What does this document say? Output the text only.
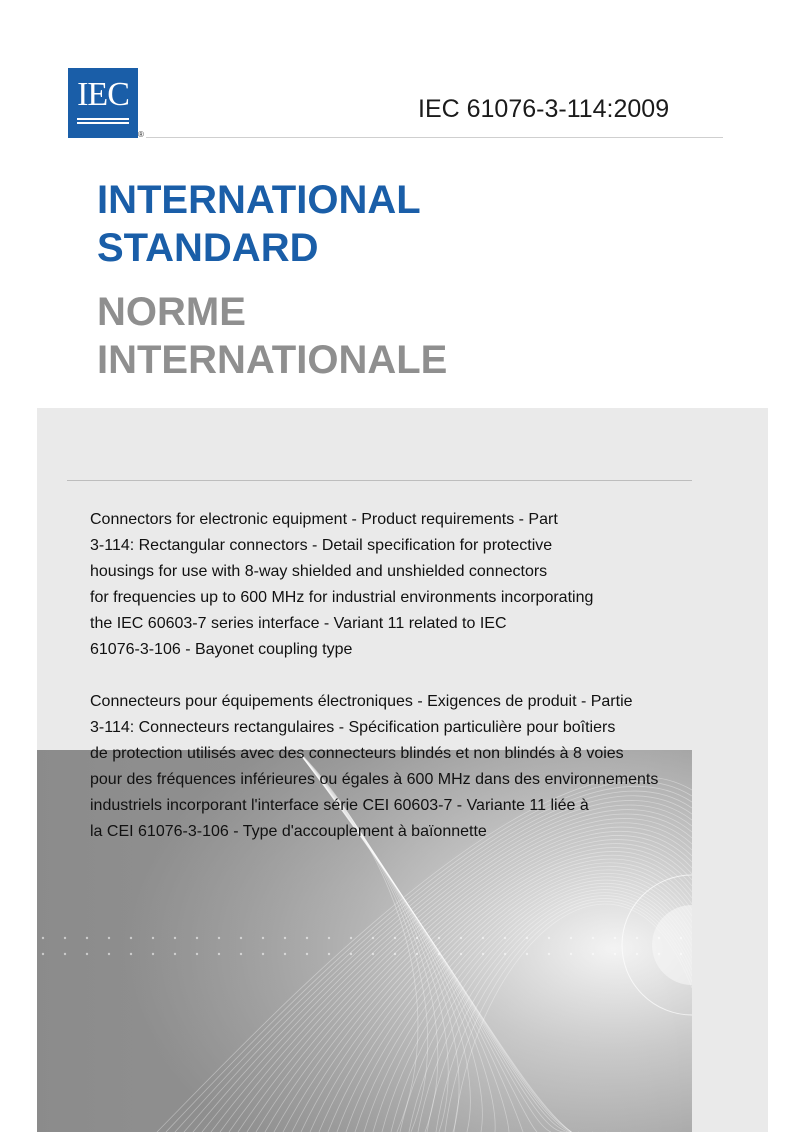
IEC
®
IEC 61076-3-114:2009
INTERNATIONAL
STANDARD
NORME
INTERNATIONALE
Connectors for electronic equipment - Product requirements - Part
3-114: Rectangular connectors - Detail specification for protective
housings for use with 8-way shielded and unshielded connectors
for frequencies up to 600 MHz for industrial environments incorporating
the IEC 60603-7 series interface - Variant 11 related to IEC
61076-3-106 - Bayonet coupling type
Connecteurs pour équipements électroniques - Exigences de produit - Partie
3-114: Connecteurs rectangulaires - Spécification particulière pour boîtiers
de protection utilisés avec des connecteurs blindés et non blindés à 8 voies
pour des fréquences inférieures ou égales à 600 MHz dans des environnements
industriels incorporant l'interface série CEI 60603-7 - Variante 11 liée à
la CEI 61076-3-106 - Type d'accouplement à baïonnette
